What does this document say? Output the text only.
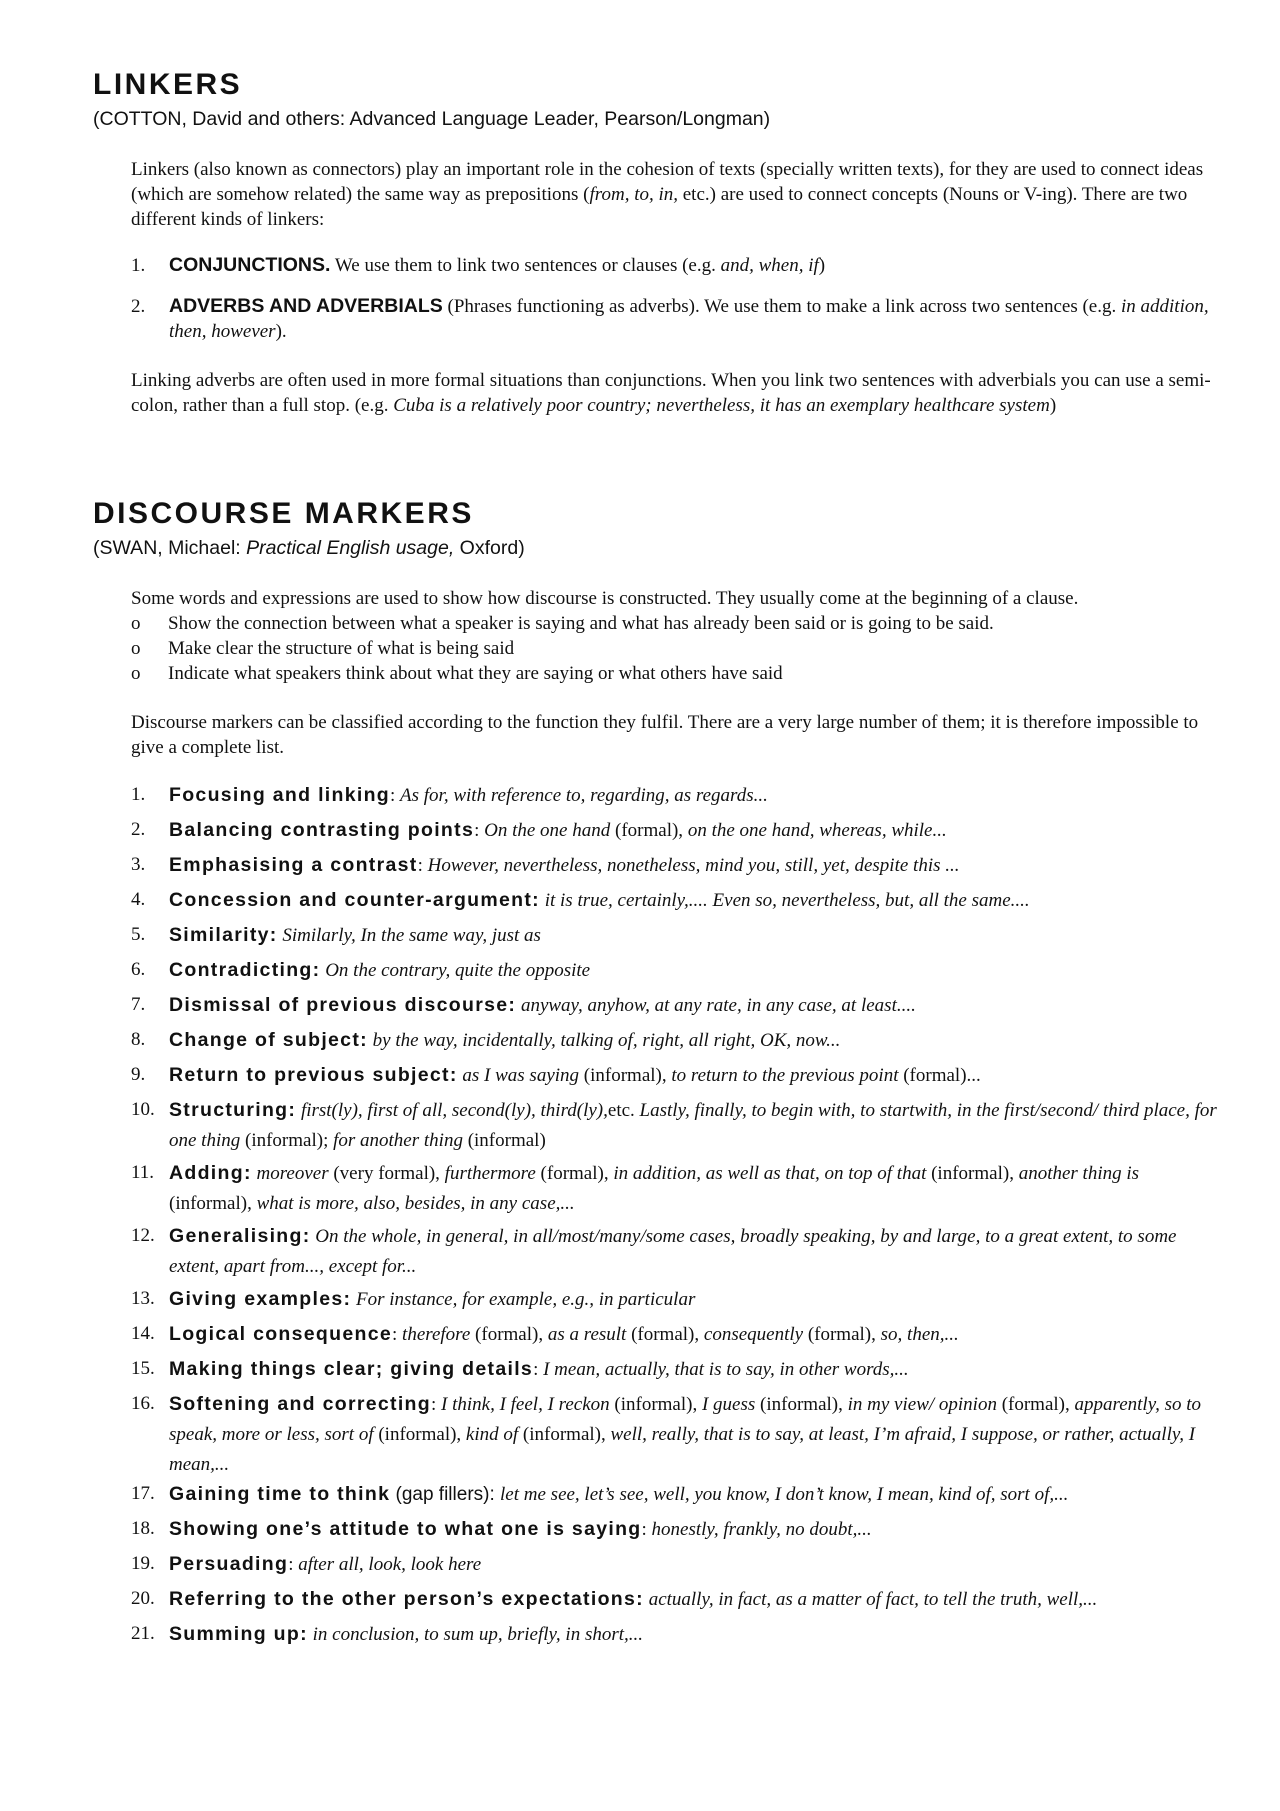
LINKERS
(COTTON, David and others: Advanced Language Leader, Pearson/Longman)
Linkers (also known as connectors) play an important role in the cohesion of texts (specially written texts), for they are used to connect ideas (which are somehow related) the same way as prepositions (from, to, in, etc.) are used to connect concepts (Nouns or V-ing). There are two different kinds of linkers:
1.	CONJUNCTIONS. We use them to link two sentences or clauses (e.g. and, when, if)
2.	ADVERBS AND ADVERBIALS (Phrases functioning as adverbs). We use them to make a link across two sentences (e.g. in addition, then, however).
Linking adverbs are often used in more formal situations than conjunctions. When you link two sentences with adverbials you can use a semi-colon, rather than a full stop. (e.g. Cuba is a relatively poor country; nevertheless, it has an exemplary healthcare system)
DISCOURSE MARKERS
(SWAN, Michael: Practical English usage, Oxford)
Some words and expressions are used to show how discourse is constructed. They usually come at the beginning of a clause.
o Show the connection between what a speaker is saying and what has already been said or is going to be said.
o Make clear the structure of what is being said
o Indicate what speakers think about what they are saying or what others have said
Discourse markers can be classified according to the function they fulfil. There are a very large number of them; it is therefore impossible to give a complete list.
1.	Focusing and linking: As for, with reference to, regarding, as regards...
2.	Balancing contrasting points: On the one hand (formal), on the one hand, whereas, while...
3.	Emphasising a contrast: However, nevertheless, nonetheless, mind you, still, yet, despite this ...
4.	Concession and counter-argument: it is true, certainly,.... Even so, nevertheless, but, all the same....
5.	Similarity: Similarly, In the same way, just as
6.	Contradicting: On the contrary, quite the opposite
7.	Dismissal of previous discourse: anyway, anyhow, at any rate, in any case, at least....
8.	Change of subject: by the way, incidentally, talking of, right, all right, OK, now...
9.	Return to previous subject: as I was saying (informal), to return to the previous point (formal)...
10. Structuring: first(ly), first of all, second(ly), third(ly),etc. Lastly, finally, to begin with, to startwith, in the first/second/ third place, for one thing (informal); for another thing (informal)
11. Adding: moreover (very formal), furthermore (formal), in addition, as well as that, on top of that (informal), another thing is (informal), what is more, also, besides, in any case,...
12. Generalising: On the whole, in general, in all/most/many/some cases, broadly speaking, by and large, to a great extent, to some extent, apart from..., except for...
13. Giving examples: For instance, for example, e.g., in particular
14. Logical consequence: therefore (formal), as a result (formal), consequently (formal), so, then,...
15. Making things clear; giving details: I mean, actually, that is to say, in other words,...
16. Softening and correcting: I think, I feel, I reckon (informal), I guess (informal), in my view/ opinion (formal), apparently, so to speak, more or less, sort of (informal), kind of (informal), well, really, that is to say, at least, I’m afraid, I suppose, or rather, actually, I mean,...
17. Gaining time to think (gap fillers): let me see, let’s see, well, you know, I don’t know, I mean, kind of, sort of,...
18. Showing one’s attitude to what one is saying: honestly, frankly, no doubt,...
19. Persuading: after all, look, look here
20. Referring to the other person’s expectations: actually, in fact, as a matter of fact, to tell the truth, well,...
21. Summing up: in conclusion, to sum up, briefly, in short,...
